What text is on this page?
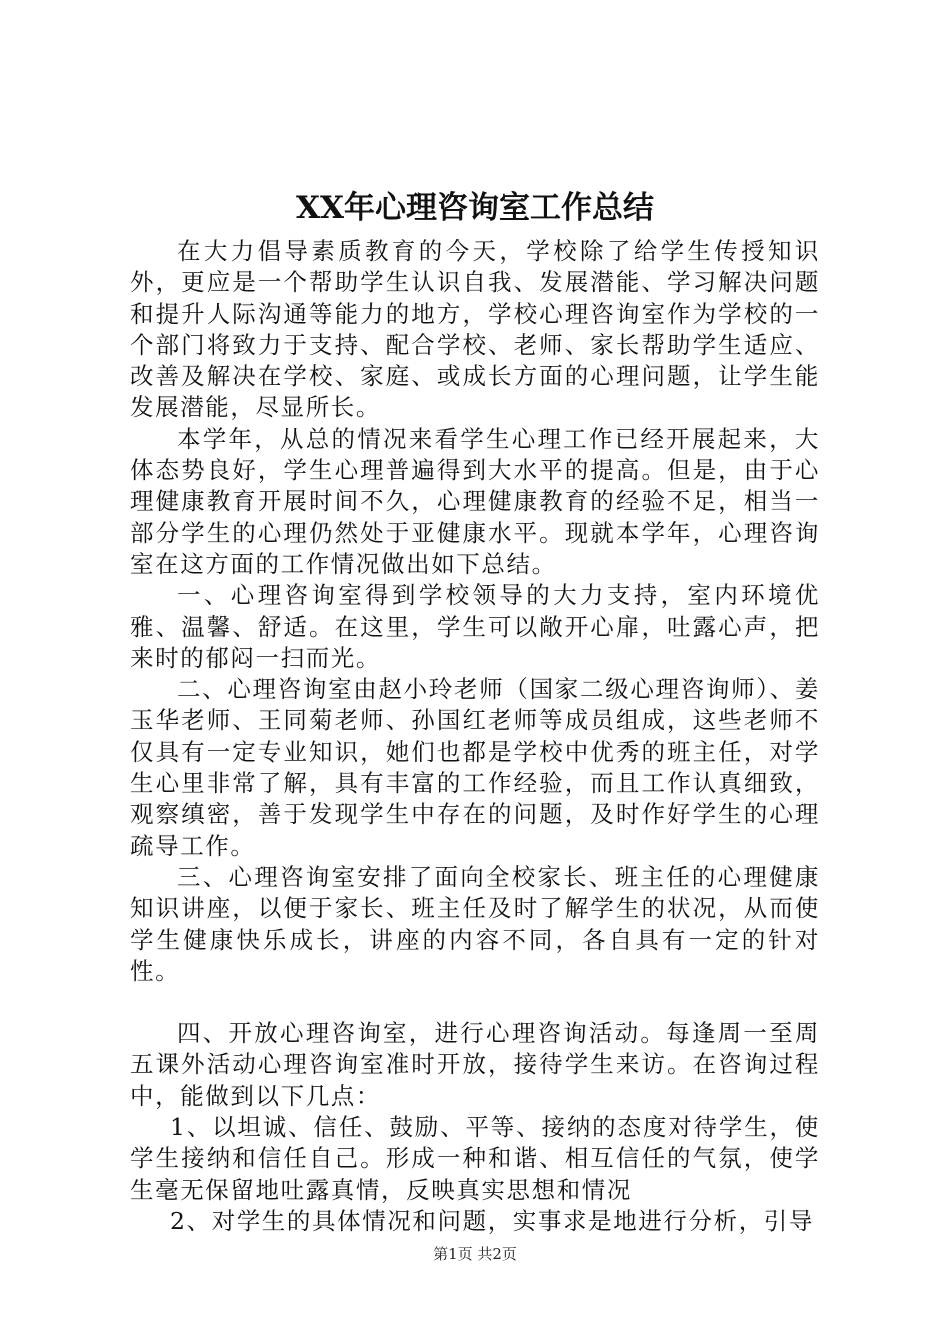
XX年心理咨询室工作总结

在大力倡导素质教育的今天，学校除了给学生传授知识外，更应是一个帮助学生认识自我、发展潜能、学习解决问题和提升人际沟通等能力的地方，学校心理咨询室作为学校的一个部门将致力于支持、配合学校、老师、家长帮助学生适应、改善及解决在学校、家庭、或成长方面的心理问题，让学生能发展潜能，尽显所长。

本学年，从总的情况来看学生心理工作已经开展起来，大体态势良好，学生心理普遍得到大水平的提高。但是，由于心理健康教育开展时间不久，心理健康教育的经验不足，相当一部分学生的心理仍然处于亚健康水平。现就本学年，心理咨询室在这方面的工作情况做出如下总结。

一、心理咨询室得到学校领导的大力支持，室内环境优雅、温馨、舒适。在这里，学生可以敞开心扉，吐露心声，把来时的郁闷一扫而光。

二、心理咨询室由赵小玲老师（国家二级心理咨询师）、姜玉华老师、王同菊老师、孙国红老师等成员组成，这些老师不仅具有一定专业知识，她们也都是学校中优秀的班主任，对学生心里非常了解，具有丰富的工作经验，而且工作认真细致，观察缜密，善于发现学生中存在的问题，及时作好学生的心理疏导工作。

三、心理咨询室安排了面向全校家长、班主任的心理健康知识讲座，以便于家长、班主任及时了解学生的状况，从而使学生健康快乐成长，讲座的内容不同，各自具有一定的针对性。

四、开放心理咨询室，进行心理咨询活动。每逢周一至周五课外活动心理咨询室准时开放，接待学生来访。在咨询过程中，能做到以下几点：

1、以坦诚、信任、鼓励、平等、接纳的态度对待学生，使学生接纳和信任自己。形成一种和谐、相互信任的气氛，使学生毫无保留地吐露真情，反映真实思想和情况

2、对学生的具体情况和问题，实事求是地进行分析，引导

第1页 共2页
